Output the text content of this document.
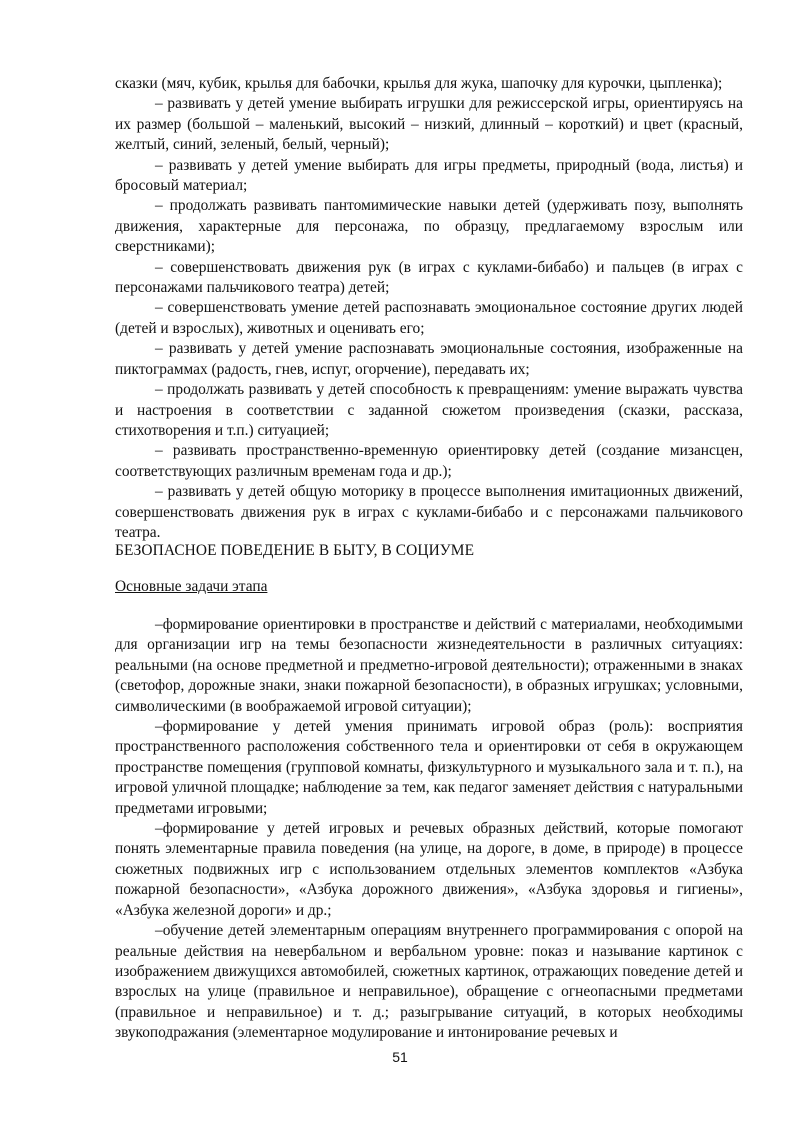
сказки (мяч, кубик, крылья для бабочки, крылья для жука, шапочку для курочки, цыпленка);

– развивать у детей умение выбирать игрушки для режиссерской игры, ориентируясь на их размер (большой – маленький, высокий – низкий, длинный – короткий) и цвет (красный, желтый, синий, зеленый, белый, черный);

– развивать у детей умение выбирать для игры предметы, природный (вода, листья) и бросовый материал;

– продолжать развивать пантомимические навыки детей (удерживать позу, выполнять движения, характерные для персонажа, по образцу, предлагаемому взрослым или сверстниками);

– совершенствовать движения рук (в играх с куклами-бибабо) и пальцев (в играх с персонажами пальчикового театра) детей;

– совершенствовать умение детей распознавать эмоциональное состояние других людей (детей и взрослых), животных и оценивать его;

– развивать у детей умение распознавать эмоциональные состояния, изображенные на пиктограммах (радость, гнев, испуг, огорчение), передавать их;

– продолжать развивать у детей способность к превращениям: умение выражать чувства и настроения в соответствии с заданной сюжетом произведения (сказки, рассказа, стихотворения и т.п.) ситуацией;

– развивать пространственно-временную ориентировку детей (создание мизансцен, соответствующих различным временам года и др.);

– развивать у детей общую моторику в процессе выполнения имитационных движений, совершенствовать движения рук в играх с куклами-бибабо и с персонажами пальчикового театра.

БЕЗОПАСНОЕ ПОВЕДЕНИЕ В БЫТУ, В СОЦИУМЕ
Основные задачи этапа

–формирование ориентировки в пространстве и действий с материалами, необходимыми для организации игр на темы безопасности жизнедеятельности в различных ситуациях: реальными (на основе предметной и предметно-игровой деятельности); отраженными в знаках (светофор, дорожные знаки, знаки пожарной безопасности), в образных игрушках; условными, символическими (в воображаемой игровой ситуации);

–формирование у детей умения принимать игровой образ (роль): восприятия пространственного расположения собственного тела и ориентировки от себя в окружающем пространстве помещения (групповой комнаты, физкультурного и музыкального зала и т. п.), на игровой уличной площадке; наблюдение за тем, как педагог заменяет действия с натуральными предметами игровыми;

–формирование у детей игровых и речевых образных действий, которые помогают понять элементарные правила поведения (на улице, на дороге, в доме, в природе) в процессе сюжетных подвижных игр с использованием отдельных элементов комплектов «Азбука пожарной безопасности», «Азбука дорожного движения», «Азбука здоровья и гигиены», «Азбука железной дороги» и др.;

–обучение детей элементарным операциям внутреннего программирования с опорой на реальные действия на невербальном и вербальном уровне: показ и называние картинок с изображением движущихся автомобилей, сюжетных картинок, отражающих поведение детей и взрослых на улице (правильное и неправильное), обращение с огнеопасными предметами (правильное и неправильное) и т. д.; разыгрывание ситуаций, в которых необходимы звукоподражания (элементарное модулирование и интонирование речевых и

51
